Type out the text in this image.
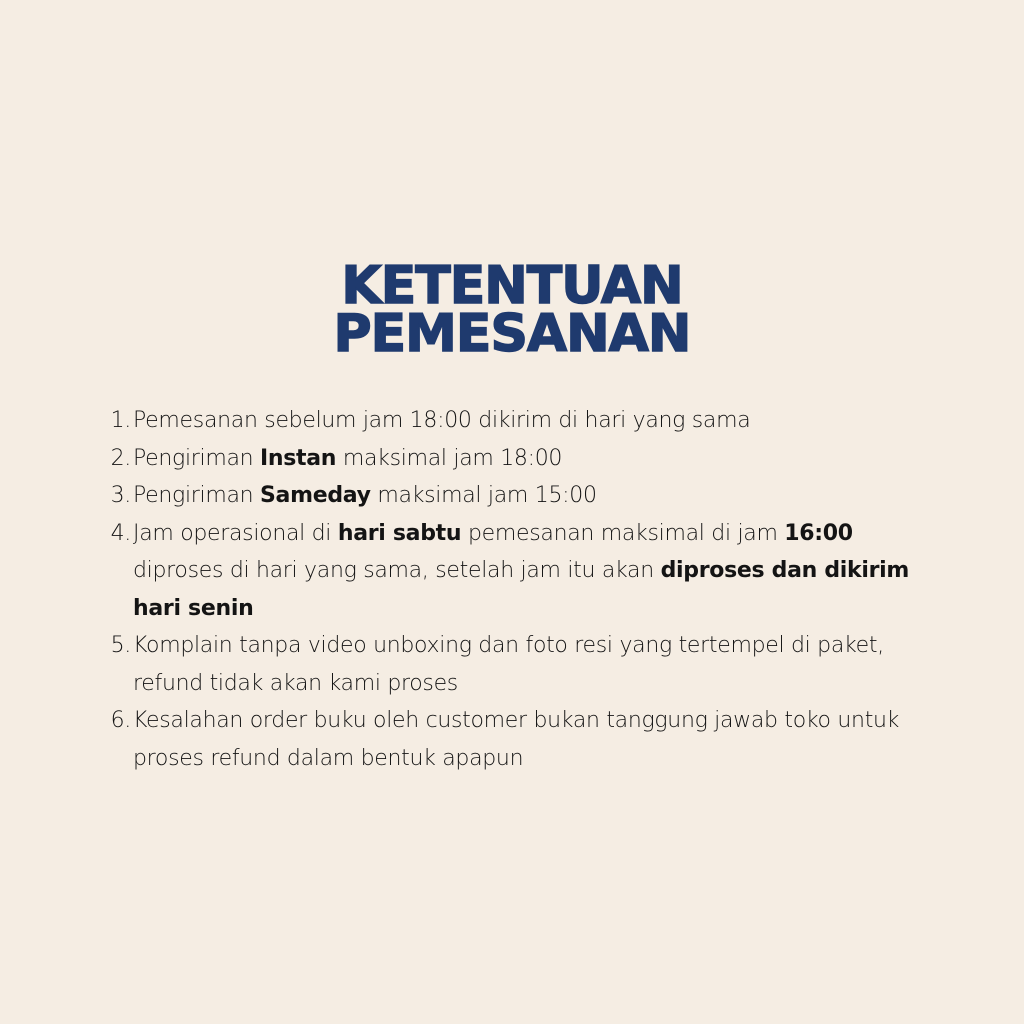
KETENTUAN
PEMESANAN
1. Pemesanan sebelum jam 18:00 dikirim di hari yang sama
2. Pengiriman Instan maksimal jam 18:00
3. Pengiriman Sameday maksimal jam 15:00
4. Jam operasional di hari sabtu pemesanan maksimal di jam 16:00 diproses di hari yang sama, setelah jam itu akan diproses dan dikirim hari senin
5. Komplain tanpa video unboxing dan foto resi yang tertempel di paket, refund tidak akan kami proses
6. Kesalahan order buku oleh customer bukan tanggung jawab toko untuk proses refund dalam bentuk apapun
